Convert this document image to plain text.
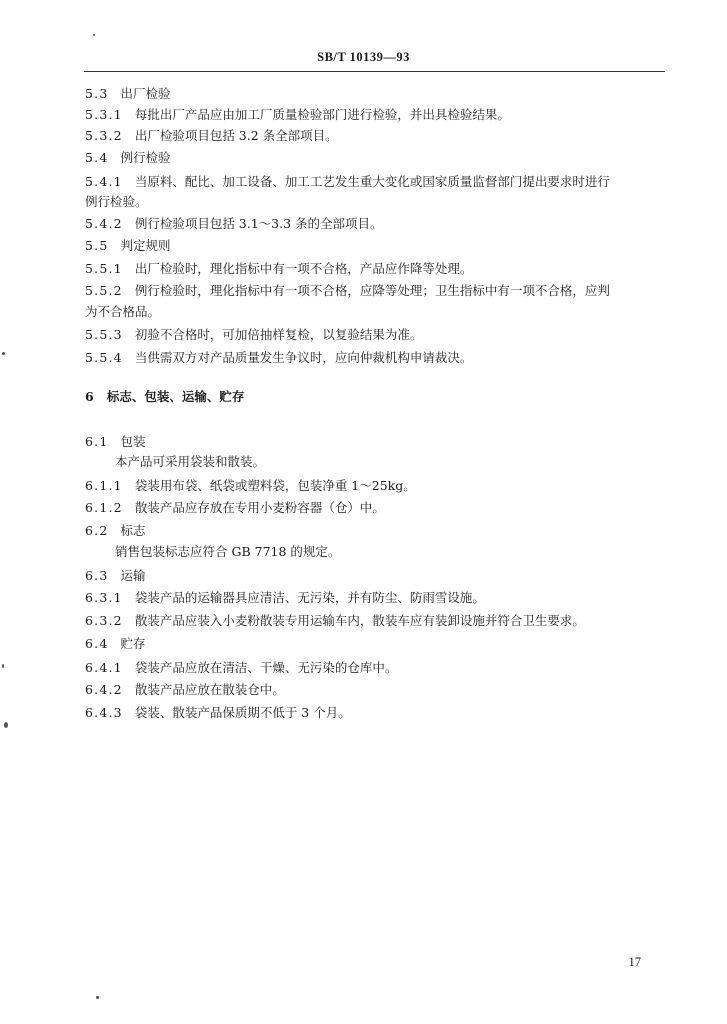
SB/T 10139—93
5.3 出厂检验
5.3.1 每批出厂产品应由加工厂质量检验部门进行检验，并出具检验结果。
5.3.2 出厂检验项目包括 3.2 条全部项目。
5.4 例行检验
5.4.1 当原料、配比、加工设备、加工工艺发生重大变化或国家质量监督部门提出要求时进行
例行检验。
5.4.2 例行检验项目包括 3.1～3.3 条的全部项目。
5.5 判定规则
5.5.1 出厂检验时，理化指标中有一项不合格，产品应作降等处理。
5.5.2 例行检验时，理化指标中有一项不合格，应降等处理；卫生指标中有一项不合格，应判
为不合格品。
5.5.3 初验不合格时，可加倍抽样复检，以复验结果为准。
5.5.4 当供需双方对产品质量发生争议时，应向仲裁机构申请裁决。
6 标志、包装、运输、贮存
6.1 包装
本产品可采用袋装和散装。
6.1.1 袋装用布袋、纸袋或塑料袋，包装净重 1～25kg。
6.1.2 散装产品应存放在专用小麦粉容器（仓）中。
6.2 标志
销售包装标志应符合 GB 7718 的规定。
6.3 运输
6.3.1 袋装产品的运输器具应清洁、无污染，并有防尘、防雨雪设施。
6.3.2 散装产品应装入小麦粉散装专用运输车内，散装车应有装卸设施并符合卫生要求。
6.4 贮存
6.4.1 袋装产品应放在清洁、干燥、无污染的仓库中。
6.4.2 散装产品应放在散装仓中。
6.4.3 袋装、散装产品保质期不低于 3 个月。
17
